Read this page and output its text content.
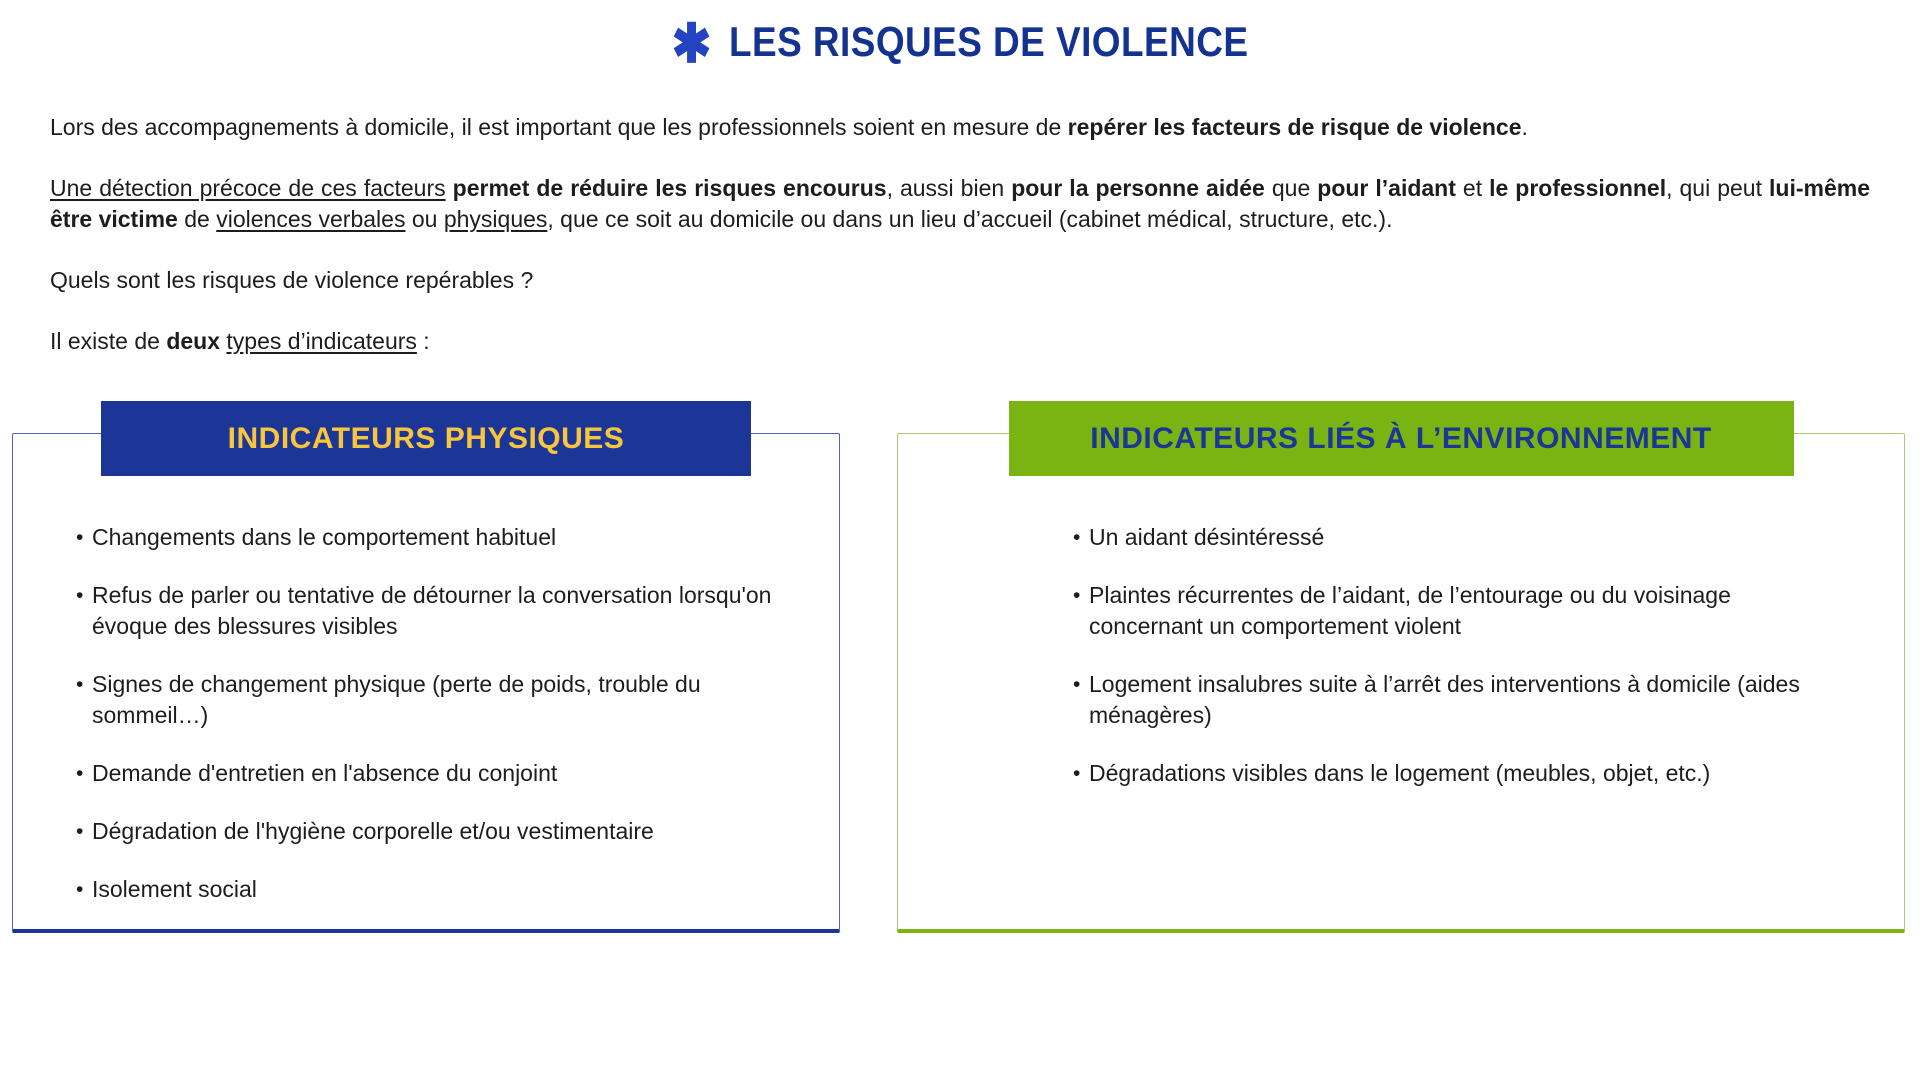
✱ LES RISQUES DE VIOLENCE

Lors des accompagnements à domicile, il est important que les professionnels soient en mesure de repérer les facteurs de risque de violence.

Une détection précoce de ces facteurs permet de réduire les risques encourus, aussi bien pour la personne aidée que pour l’aidant et le professionnel, qui peut lui-même être victime de violences verbales ou physiques, que ce soit au domicile ou dans un lieu d’accueil (cabinet médical, structure, etc.).

Quels sont les risques de violence repérables ?

Il existe de deux types d’indicateurs :

INDICATEURS PHYSIQUES
• Changements dans le comportement habituel
• Refus de parler ou tentative de détourner la conversation lorsqu'on évoque des blessures visibles
• Signes de changement physique (perte de poids, trouble du sommeil…)
• Demande d'entretien en l'absence du conjoint
• Dégradation de l'hygiène corporelle et/ou vestimentaire
• Isolement social
INDICATEURS LIÉS À L’ENVIRONNEMENT
• Un aidant désintéressé
• Plaintes récurrentes de l’aidant, de l’entourage ou du voisinage concernant un comportement violent
• Logement insalubres suite à l’arrêt des interventions à domicile (aides ménagères)
• Dégradations visibles dans le logement (meubles, objet, etc.)
